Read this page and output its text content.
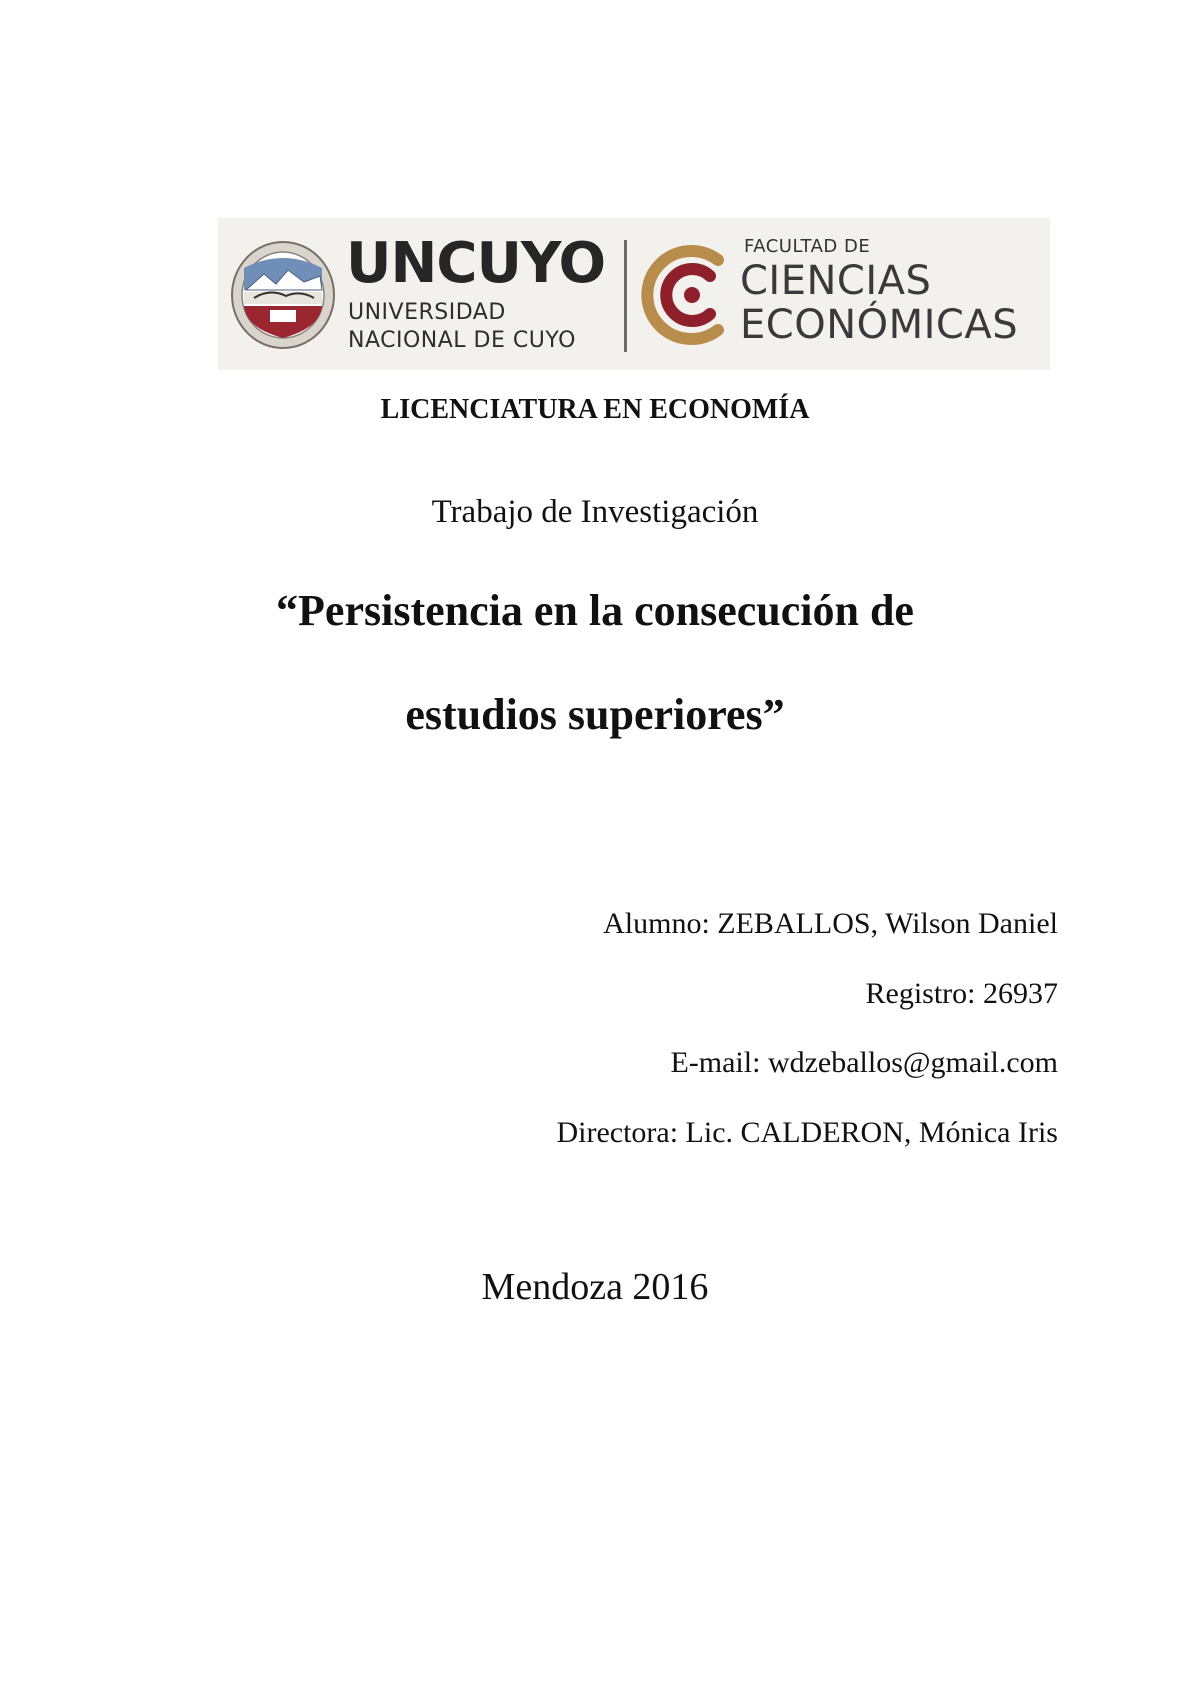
UNCUYO
UNIVERSIDAD
NACIONAL DE CUYO
FACULTAD DE
CIENCIAS
ECONÓMICAS
LICENCIATURA EN ECONOMÍA
Trabajo de Investigación
“Persistencia en la consecución de
estudios superiores”
Alumno: ZEBALLOS, Wilson Daniel
Registro: 26937
E-mail: wdzeballos@gmail.com
Directora: Lic. CALDERON, Mónica Iris
Mendoza 2016
